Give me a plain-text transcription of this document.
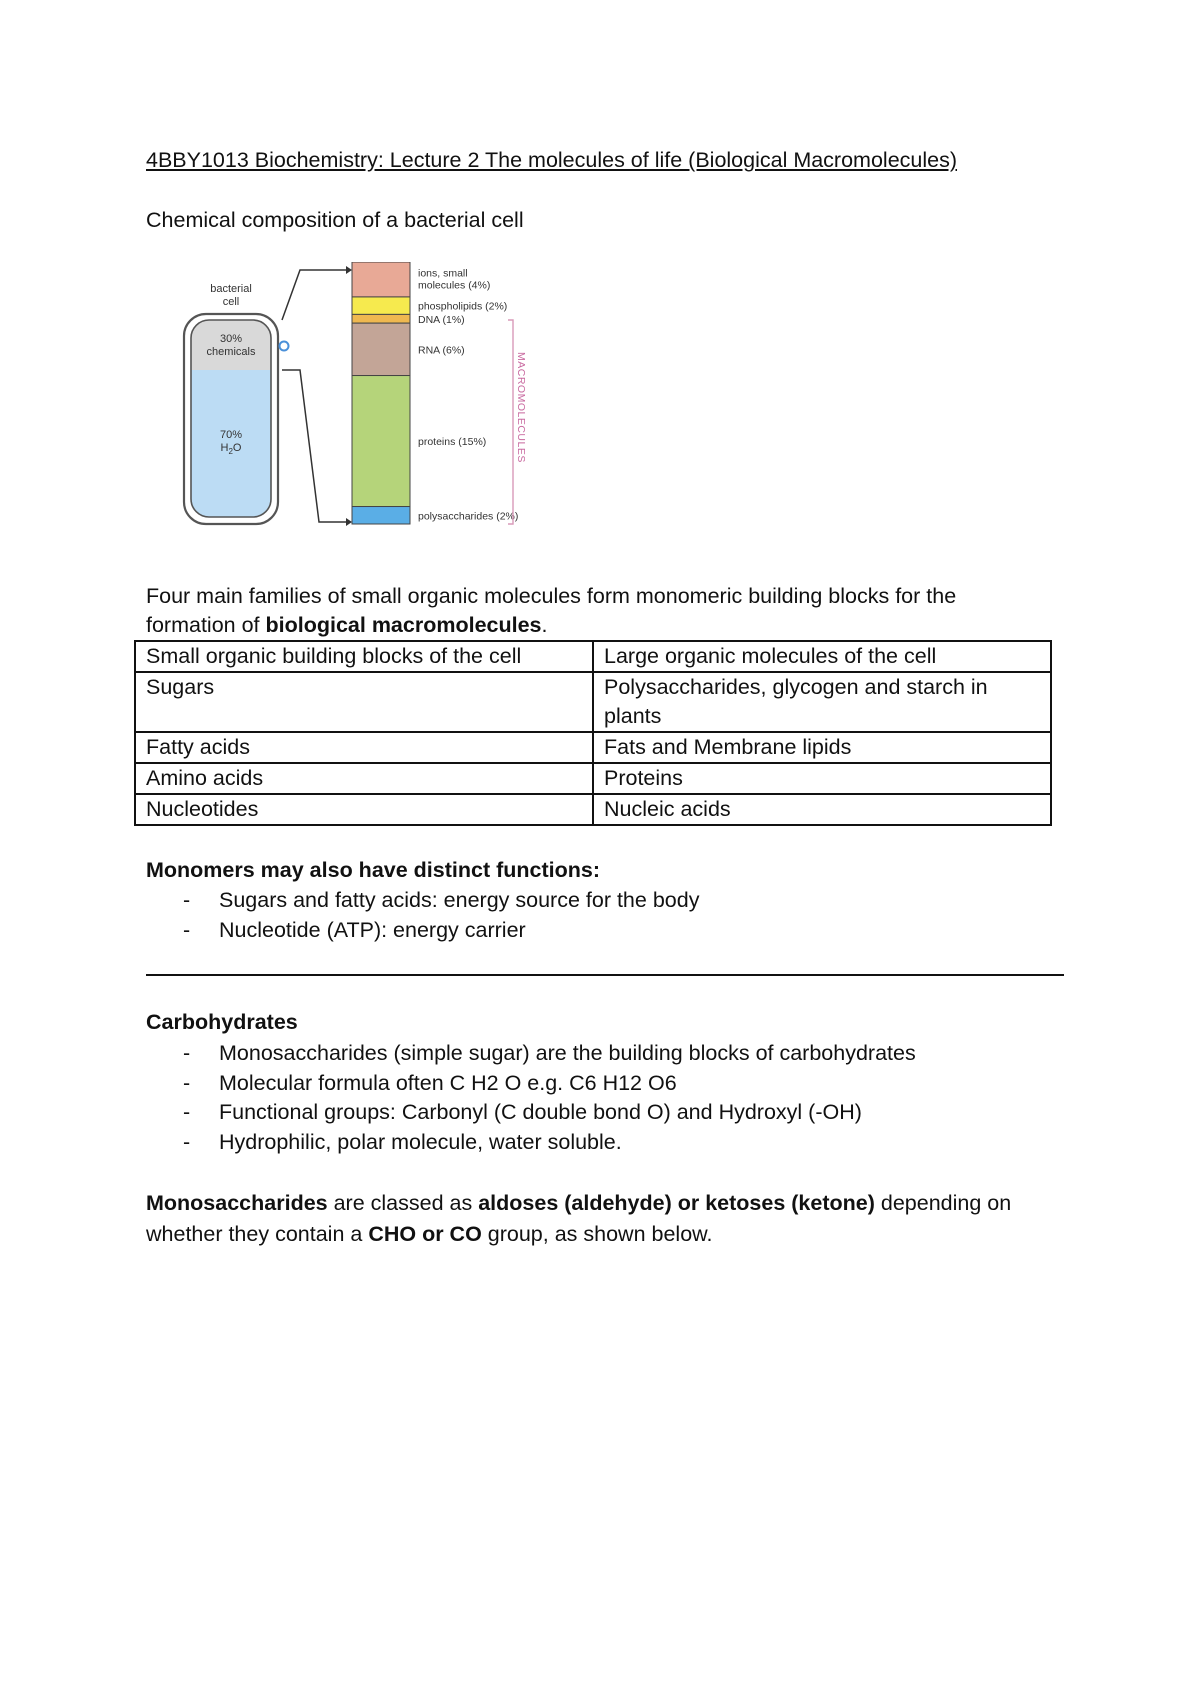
4BBY1013 Biochemistry: Lecture 2 The molecules of life (Biological Macromolecules)
Chemical composition of a bacterial cell
bacterial
cell
30%
chemicals
70%
$H_2O$
ions, small
molecules (4%)
phospholipids (2%)
DNA (1%)
RNA (6%)
proteins (15%)
polysaccharides (2%)
MACROMOLECULES
Four main families of small organic molecules form monomeric building blocks for the formation of biological macromolecules.
Small organic building blocks of the cell	Large organic molecules of the cell
Sugars	Polysaccharides, glycogen and starch in plants
Fatty acids	Fats and Membrane lipids
Amino acids	Proteins
Nucleotides	Nucleic acids
Monomers may also have distinct functions:
- Sugars and fatty acids: energy source for the body
- Nucleotide (ATP): energy carrier
Carbohydrates
- Monosaccharides (simple sugar) are the building blocks of carbohydrates
- Molecular formula often C H2 O e.g. C6 H12 O6
- Functional groups: Carbonyl (C double bond O) and Hydroxyl (-OH)
- Hydrophilic, polar molecule, water soluble.
Monosaccharides are classed as aldoses (aldehyde) or ketoses (ketone) depending on whether they contain a CHO or CO group, as shown below.
